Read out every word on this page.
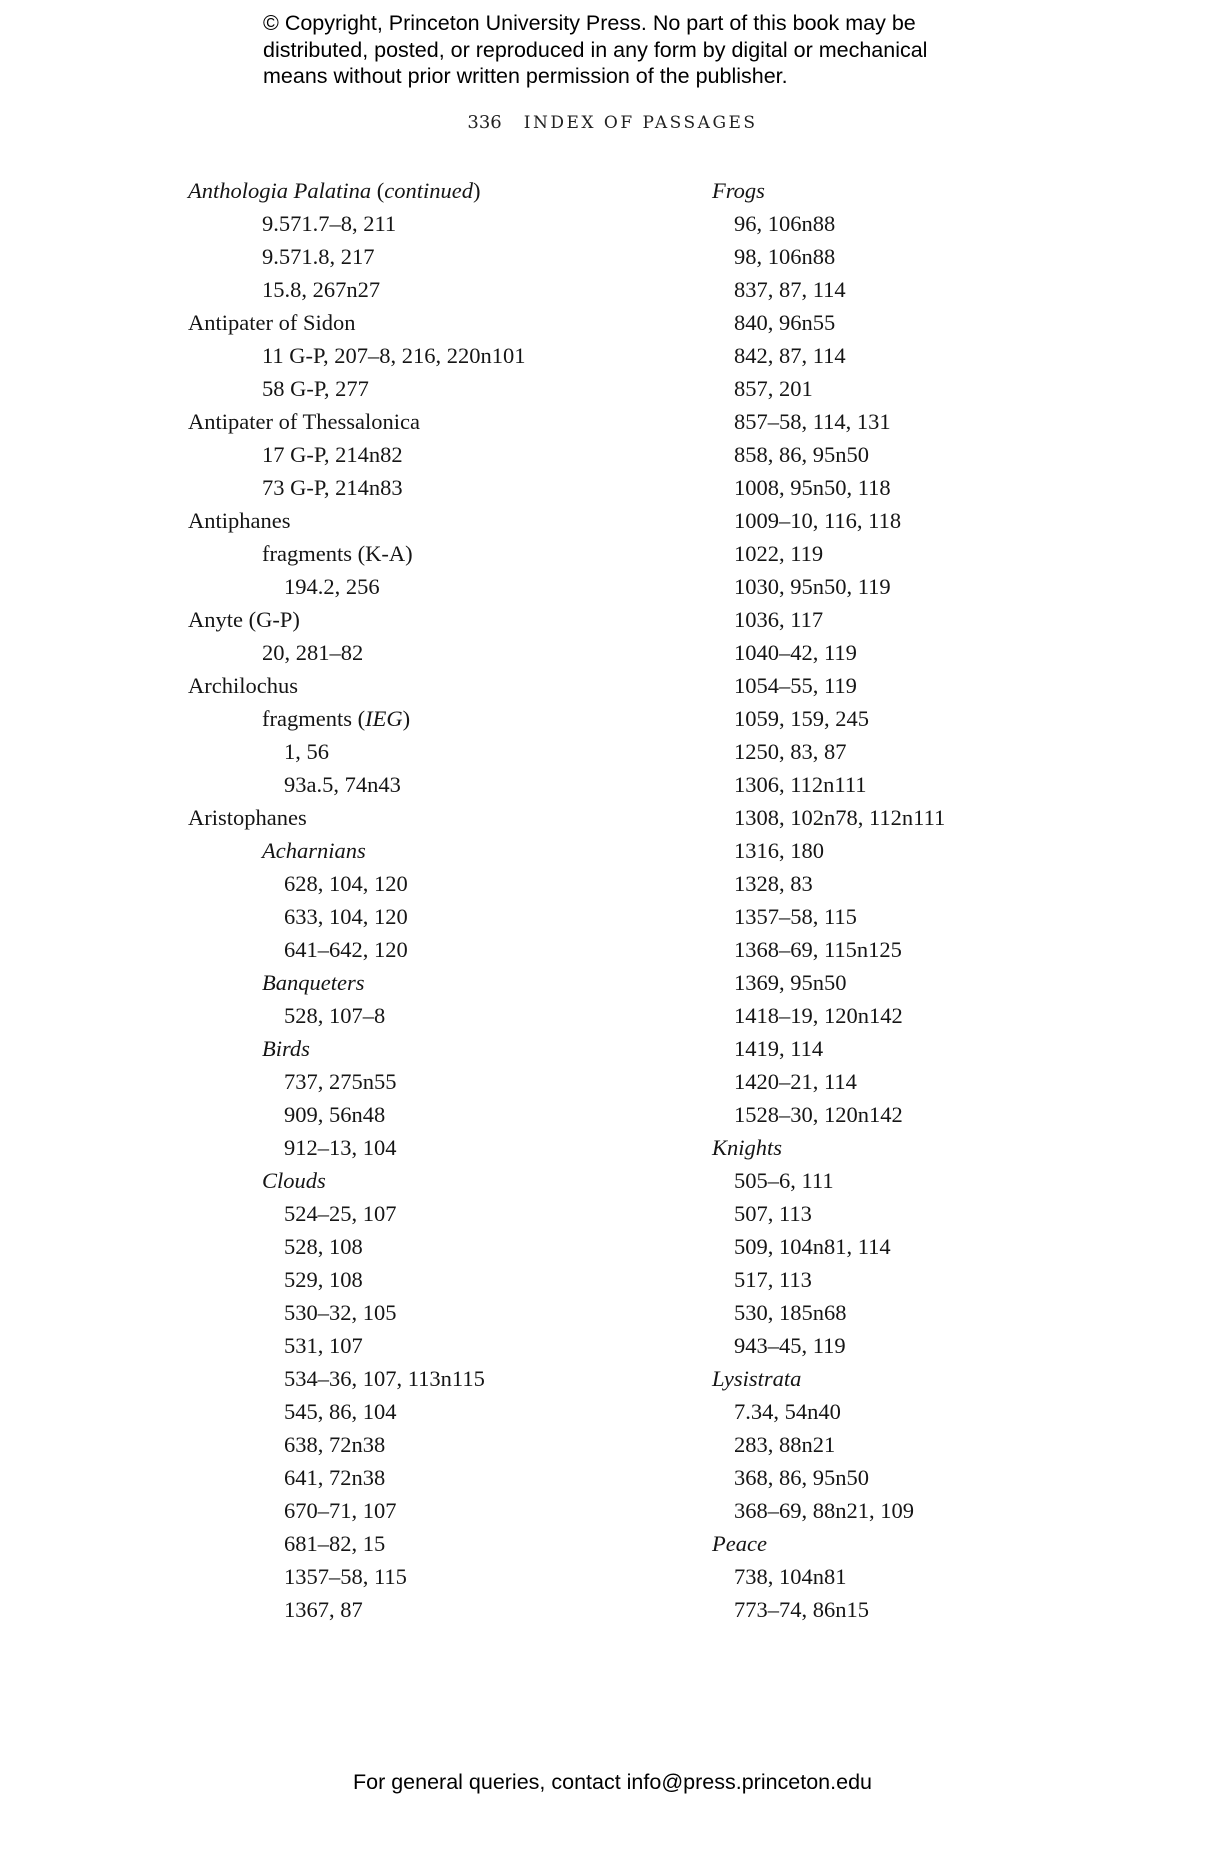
© Copyright, Princeton University Press. No part of this book may be
distributed, posted, or reproduced in any form by digital or mechanical
means without prior written permission of the publisher.
336 INDEX OF PASSAGES
Anthologia Palatina (continued)
9.571.7–8, 211
9.571.8, 217
15.8, 267n27
Antipater of Sidon
11 G-P, 207–8, 216, 220n101
58 G-P, 277
Antipater of Thessalonica
17 G-P, 214n82
73 G-P, 214n83
Antiphanes
fragments (K-A)
194.2, 256
Anyte (G-P)
20, 281–82
Archilochus
fragments (IEG)
1, 56
93a.5, 74n43
Aristophanes
Acharnians
628, 104, 120
633, 104, 120
641–642, 120
Banqueters
528, 107–8
Birds
737, 275n55
909, 56n48
912–13, 104
Clouds
524–25, 107
528, 108
529, 108
530–32, 105
531, 107
534–36, 107, 113n115
545, 86, 104
638, 72n38
641, 72n38
670–71, 107
681–82, 15
1357–58, 115
1367, 87
Frogs
96, 106n88
98, 106n88
837, 87, 114
840, 96n55
842, 87, 114
857, 201
857–58, 114, 131
858, 86, 95n50
1008, 95n50, 118
1009–10, 116, 118
1022, 119
1030, 95n50, 119
1036, 117
1040–42, 119
1054–55, 119
1059, 159, 245
1250, 83, 87
1306, 112n111
1308, 102n78, 112n111
1316, 180
1328, 83
1357–58, 115
1368–69, 115n125
1369, 95n50
1418–19, 120n142
1419, 114
1420–21, 114
1528–30, 120n142
Knights
505–6, 111
507, 113
509, 104n81, 114
517, 113
530, 185n68
943–45, 119
Lysistrata
7.34, 54n40
283, 88n21
368, 86, 95n50
368–69, 88n21, 109
Peace
738, 104n81
773–74, 86n15
For general queries, contact info@press.princeton.edu
